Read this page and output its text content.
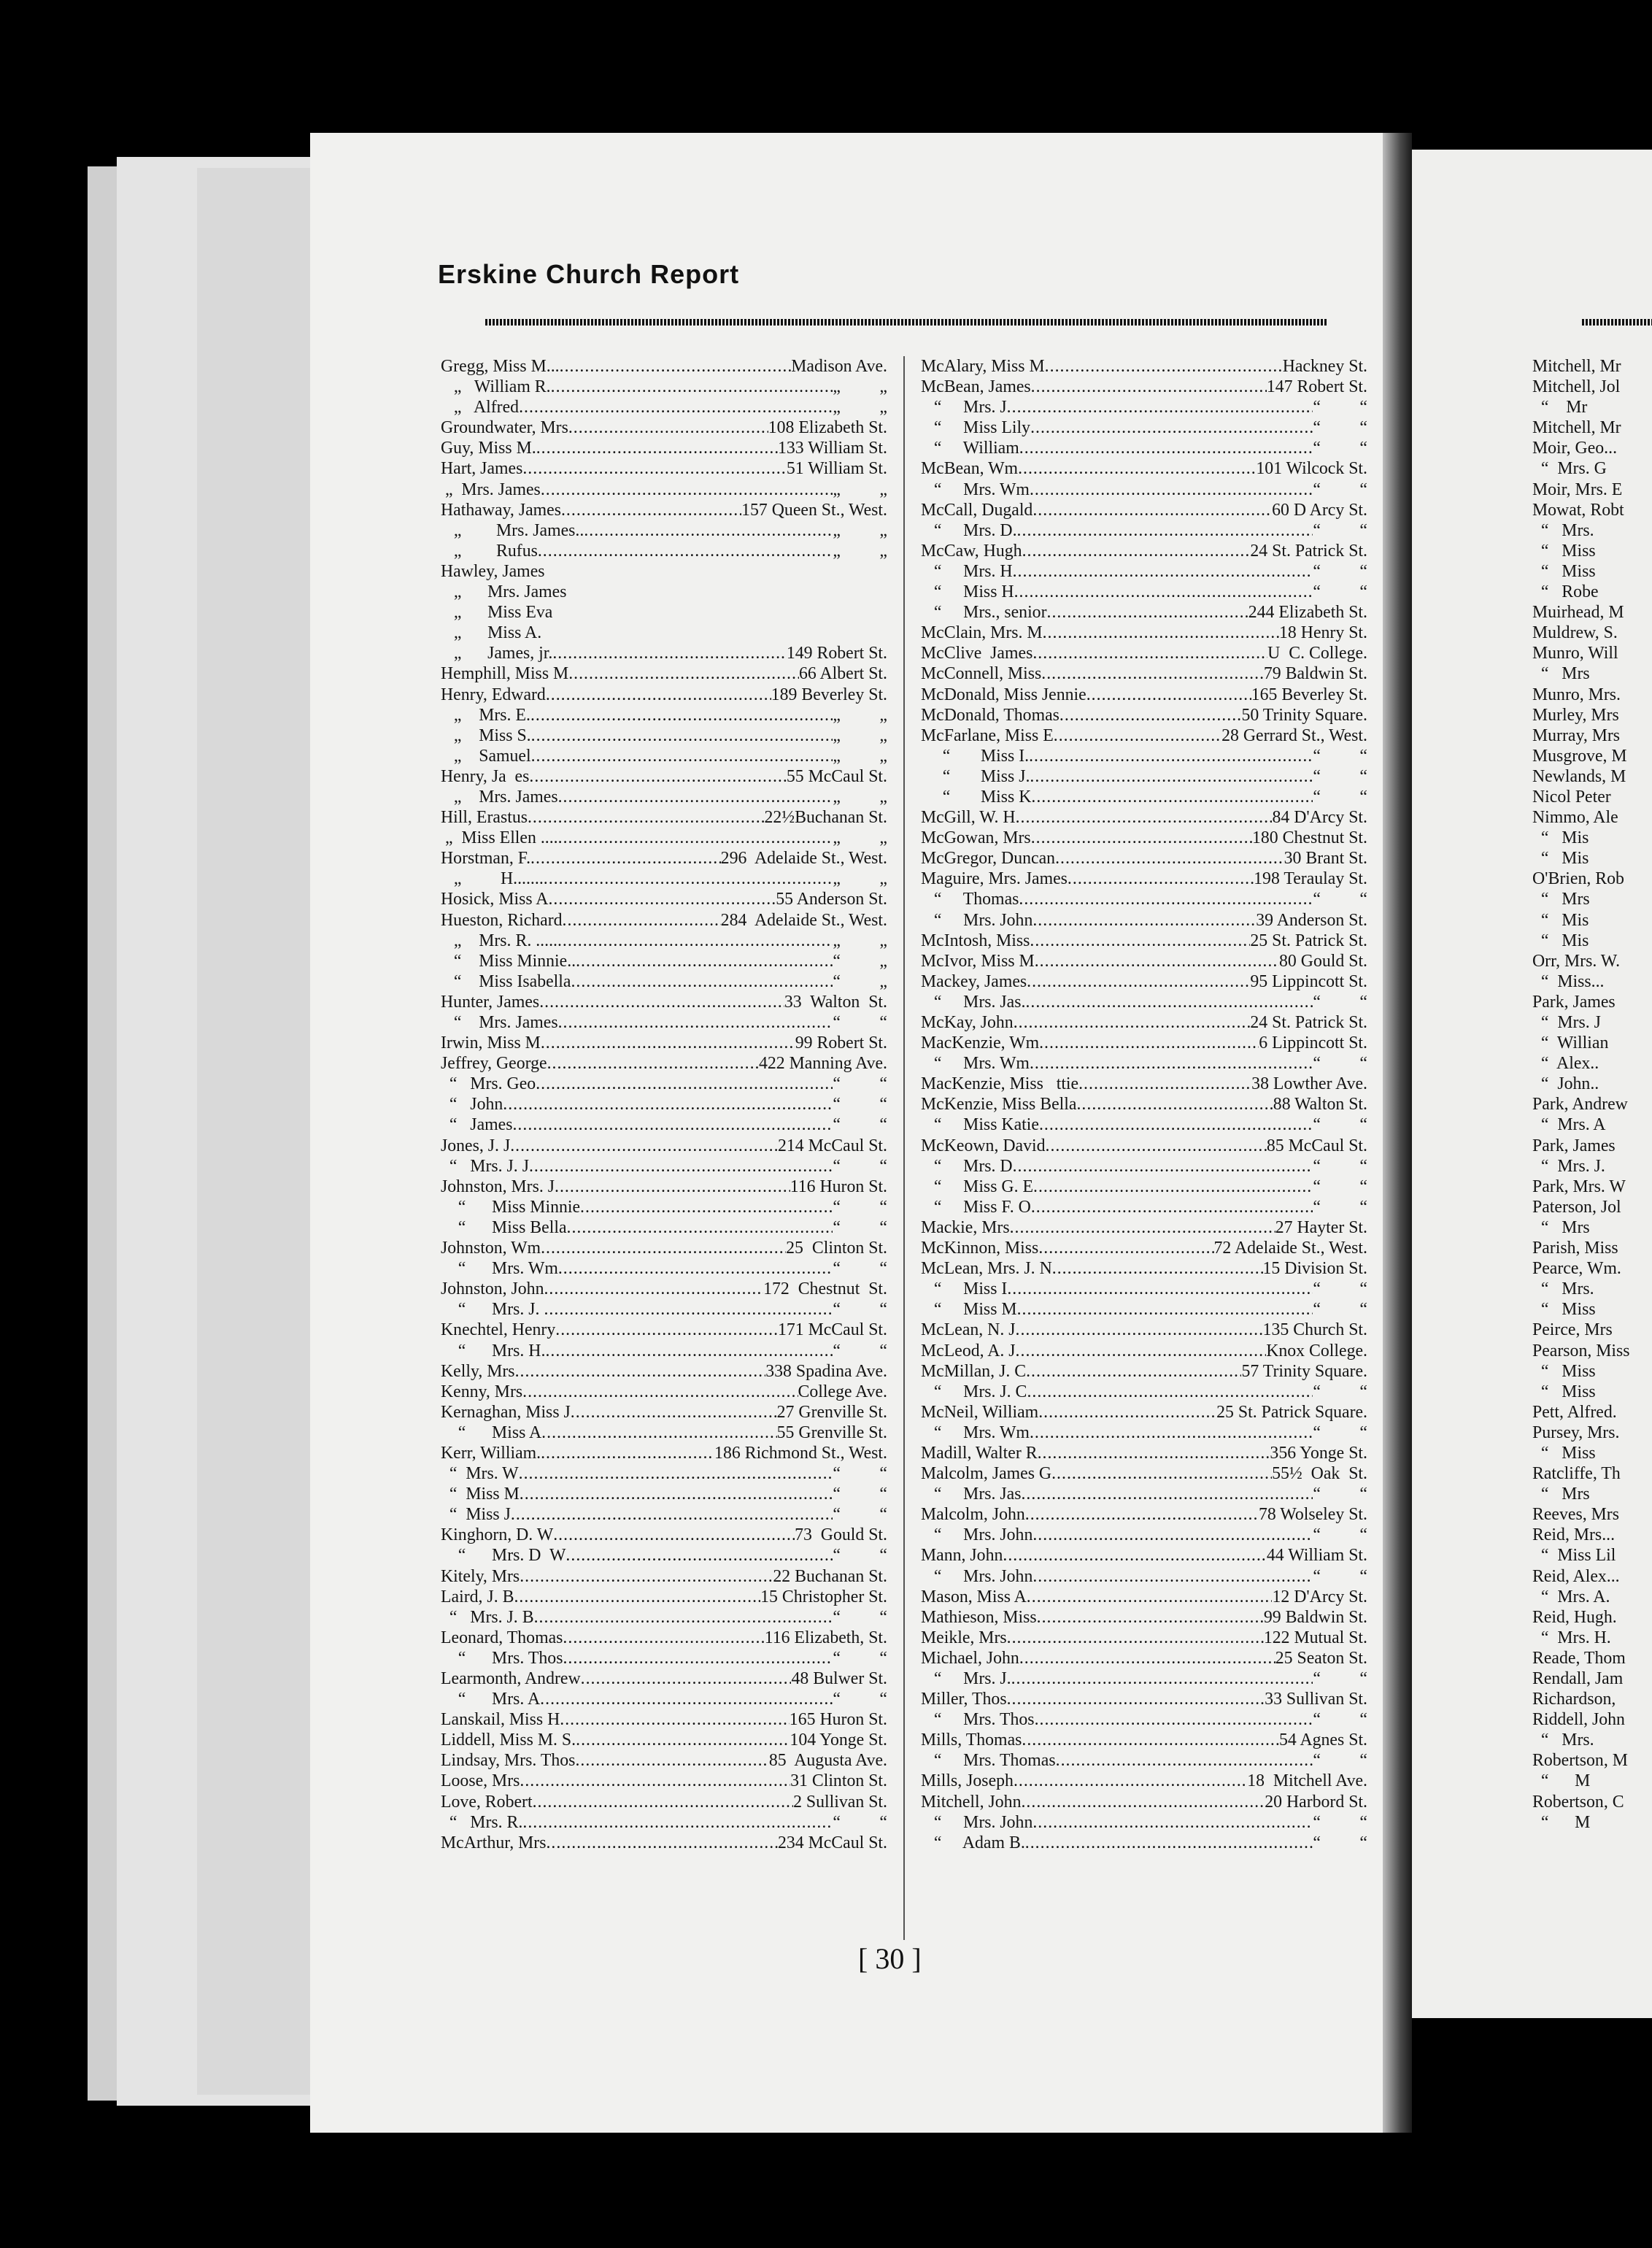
Erskine Church Report
Gregg, Miss M... .....	Madison Ave.
„   William R. .....	„         „
„   Alfred .....	„         „
Groundwater, Mrs .....	108 Elizabeth St.
Guy, Miss M. .....	133 William St.
Hart, James .....	51 William St.
„  Mrs. James .....	„         „
Hathaway, James .....	157 Queen St., West.
„        Mrs. James.. .....	„         „
„        Rufus .....	„         „
Hawley, James
„      Mrs. James
„      Miss Eva
„      Miss A.
„      James, jr. .....	149 Robert St.
Hemphill, Miss M .....	66 Albert St.
Henry, Edward .....	189 Beverley St.
„    Mrs. E. .....	„         „
„    Miss S. .....	„         „
„    Samuel .....	„         „
Henry, Ja  es .....	55 McCaul St.
„    Mrs. James .....	„         „
Hill, Erastus .....	22½Buchanan St.
„  Miss Ellen .... .....	„         „
Horstman, F. .....	296  Adelaide St., West.
„         H....... .....	„         „
Hosick, Miss A .....	55 Anderson St.
Hueston, Richard .....	284  Adelaide St., West.
„    Mrs. R. ..... .....	„         „
“    Miss Minnie.. .....	“         „
“    Miss Isabella .....	“         „
Hunter, James .....	33  Walton  St.
“    Mrs. James .....	“         “
Irwin, Miss M .....	99 Robert St.
Jeffrey, George .....	422 Manning Ave.
“   Mrs. Geo .....	“         “
“   John .....	“         “
“   James .....	“         “
Jones, J. J .....	214 McCaul St.
“   Mrs. J. J .....	“         “
Johnston, Mrs. J .....	116 Huron St.
“      Miss Minnie .....	“         “
“      Miss Bella .....	“         “
Johnston, Wm .....	25  Clinton St.
“      Mrs. Wm .....	“         “
Johnston, John .....	172  Chestnut  St.
“      Mrs. J. .....	“         “
Knechtel, Henry .....	171 McCaul St.
“      Mrs. H. .....	“         “
Kelly, Mrs .....	338 Spadina Ave.
Kenny, Mrs .....	College Ave.
Kernaghan, Miss J .....	27 Grenville St.
“      Miss A .....	55 Grenville St.
Kerr, William. .....	186 Richmond St., West.
“  Mrs. W .....	“         “
“  Miss M .....	“         “
“  Miss J .....	“         “
Kinghorn, D. W .....	73  Gould St.
“      Mrs. D  W .....	“         “
Kitely, Mrs .....	22 Buchanan St.
Laird, J. B .....	15 Christopher St.
“   Mrs. J. B .....	“         “
Leonard, Thomas .....	116 Elizabeth, St.
“      Mrs. Thos .....	“         “
Learmonth, Andrew .....	48 Bulwer St.
“      Mrs. A .....	“         “
Lanskail, Miss H .....	165 Huron St.
Liddell, Miss M. S. .....	104 Yonge St.
Lindsay, Mrs. Thos .....	85  Augusta Ave.
Loose, Mrs .....	31 Clinton St.
Love, Robert .....	2 Sullivan St.
“   Mrs. R. .....	“         “
McArthur, Mrs .....	234 McCaul St.
McAlary, Miss M .....	Hackney St.
McBean, James .....	147 Robert St.
“     Mrs. J .....	“         “
“     Miss Lily .....	“         “
“     William .....	“         “
McBean, Wm .....	101 Wilcock St.
“     Mrs. Wm .....	“         “
McCall, Dugald .....	60 D Arcy St.
“     Mrs. D. .....	“         “
McCaw, Hugh .....	24 St. Patrick St.
“     Mrs. H .....	“         “
“     Miss H .....	“         “
“     Mrs., senior .....	244 Elizabeth St.
McClain, Mrs. M .....	18 Henry St.
McClive  James .....	U  C. College.
McConnell, Miss .....	79 Baldwin St.
McDonald, Miss Jennie .....	165 Beverley St.
McDonald, Thomas .....	50 Trinity Square.
McFarlane, Miss E .....	28 Gerrard St., West.
“       Miss I. .....	“         “
“       Miss J. .....	“         “
“       Miss K .....	“         “
McGill, W. H .....	84 D'Arcy St.
McGowan, Mrs .....	180 Chestnut St.
McGregor, Duncan .....	30 Brant St.
Maguire, Mrs. James .....	198 Teraulay St.
“     Thomas .....	“         “
“     Mrs. John .....	39 Anderson St.
McIntosh, Miss .....	25 St. Patrick St.
McIvor, Miss M .....	80 Gould St.
Mackey, James .....	95 Lippincott St.
“     Mrs. Jas. .....	“         “
McKay, John .....	24 St. Patrick St.
MacKenzie, Wm .....	6 Lippincott St.
“     Mrs. Wm .....	“         “
MacKenzie, Miss   ttie .....	38 Lowther Ave.
McKenzie, Miss Bella .....	88 Walton St.
“     Miss Katie .....	“         “
McKeown, David .....	85 McCaul St.
“     Mrs. D .....	“         “
“     Miss G. E .....	“         “
“     Miss F. O .....	“         “
Mackie, Mrs .....	27 Hayter St.
McKinnon, Miss .....	72 Adelaide St., West.
McLean, Mrs. J. N .....	15 Division St.
“     Miss I .....	“         “
“     Miss M .....	“         “
McLean, N. J .....	135 Church St.
McLeod, A. J .....	Knox College.
McMillan, J. C .....	57 Trinity Square.
“     Mrs. J. C .....	“         “
McNeil, William .....	25 St. Patrick Square.
“     Mrs. Wm .....	“         “
Madill, Walter R .....	356 Yonge St.
Malcolm, James G .....	55½  Oak  St.
“     Mrs. Jas .....	“         “
Malcolm, John .....	78 Wolseley St.
“     Mrs. John .....	“         “
Mann, John .....	44 William St.
“     Mrs. John .....	“         “
Mason, Miss A .....	12 D'Arcy St.
Mathieson, Miss .....	99 Baldwin St.
Meikle, Mrs .....	122 Mutual St.
Michael, John .....	25 Seaton St.
“     Mrs. J. .....	“         “
Miller, Thos .....	33 Sullivan St.
“     Mrs. Thos .....	“         “
Mills, Thomas .....	54 Agnes St.
“     Mrs. Thomas .....	“         “
Mills, Joseph .....	18  Mitchell Ave.
Mitchell, John .....	20 Harbord St.
“     Mrs. John .....	“         “
“     Adam B. .....	“         “
Mitchell, Mr
Mitchell, Jol
“    Mr
Mitchell, Mr
Moir, Geo...
“  Mrs. G
Moir, Mrs. E
Mowat, Robt
“   Mrs.
“   Miss
“   Miss
“   Robe
Muirhead, M
Muldrew, S.
Munro, Will
“   Mrs
Munro, Mrs.
Murley, Mrs
Murray, Mrs
Musgrove, M
Newlands, M
Nicol Peter
Nimmo, Ale
“   Mis
“   Mis
O'Brien, Rob
“   Mrs
“   Mis
“   Mis
Orr, Mrs. W.
“  Miss...
Park, James
“  Mrs. J
“  Willian
“  Alex..
“  John..
Park, Andrew
“  Mrs. A
Park, James
“  Mrs. J.
Park, Mrs. W
Paterson, Jol
“   Mrs
Parish, Miss
Pearce, Wm.
“   Mrs.
“   Miss
Peirce, Mrs
Pearson, Miss
“   Miss
“   Miss
Pett, Alfred.
Pursey, Mrs.
“   Miss
Ratcliffe, Th
“   Mrs
Reeves, Mrs
Reid, Mrs...
“  Miss Lil
Reid, Alex...
“  Mrs. A.
Reid, Hugh.
“  Mrs. H.
Reade, Thom
Rendall, Jam
Richardson,
Riddell, John
“   Mrs.
Robertson, M
“      M
Robertson, C
“      M
[ 30 ]
